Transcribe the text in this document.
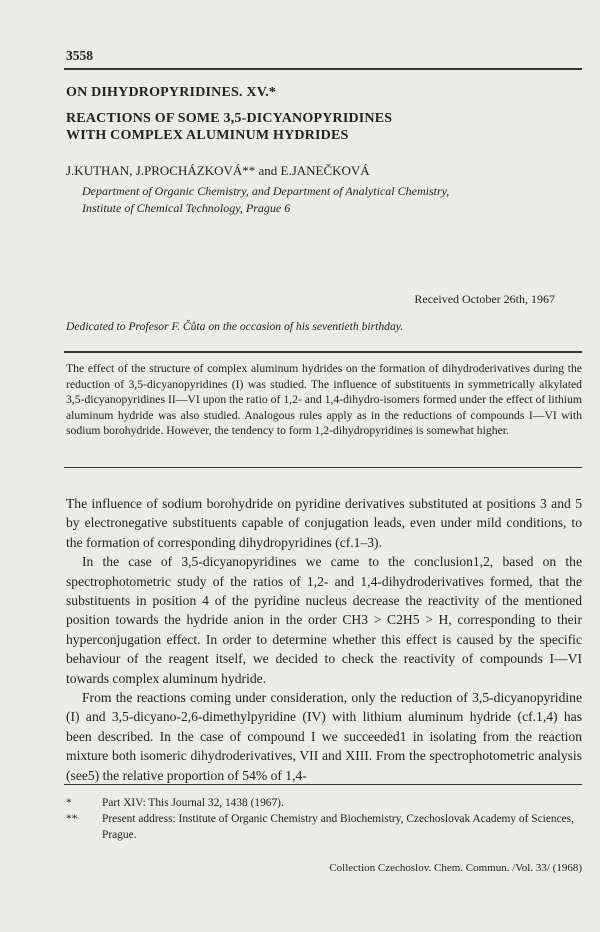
3558
ON DIHYDROPYRIDINES. XV.*
REACTIONS OF SOME 3,5-DICYANOPYRIDINES
WITH COMPLEX ALUMINUM HYDRIDES
J.KUTHAN, J.PROCHÁZKOVÁ** and E.JANEČKOVÁ
Department of Organic Chemistry, and Department of Analytical Chemistry,
Institute of Chemical Technology, Prague 6
Received October 26th, 1967
Dedicated to Profesor F. Čůta on the occasion of his seventieth birthday.
The effect of the structure of complex aluminum hydrides on the formation of dihydroderivatives during the reduction of 3,5-dicyanopyridines (I) was studied. The influence of substituents in symmetrically alkylated 3,5-dicyanopyridines II—VI upon the ratio of 1,2- and 1,4-dihydro-isomers formed under the effect of lithium aluminum hydride was also studied. Analogous rules apply as in the reductions of compounds I—VI with sodium borohydride. However, the tendency to form 1,2-dihydropyridines is somewhat higher.

The influence of sodium borohydride on pyridine derivatives substituted at positions 3 and 5 by electronegative substituents capable of conjugation leads, even under mild conditions, to the formation of corresponding dihydropyridines (cf.1–3).

In the case of 3,5-dicyanopyridines we came to the conclusion1,2, based on the spectrophotometric study of the ratios of 1,2- and 1,4-dihydroderivatives formed, that the substituents in position 4 of the pyridine nucleus decrease the reactivity of the mentioned position towards the hydride anion in the order CH3 > C2H5 > H, corresponding to their hyperconjugation effect. In order to determine whether this effect is caused by the specific behaviour of the reagent itself, we decided to check the reactivity of compounds I—VI towards complex aluminum hydride.

From the reactions coming under consideration, only the reduction of 3,5-dicyanopyridine (I) and 3,5-dicyano-2,6-dimethylpyridine (IV) with lithium aluminum hydride (cf.1,4) has been described. In the case of compound I we succeeded1 in isolating from the reaction mixture both isomeric dihydroderivatives, VII and XIII. From the spectrophotometric analysis (see5) the relative proportion of 54% of 1,4-

*	Part XIV: This Journal 32, 1438 (1967).
**	Present address: Institute of Organic Chemistry and Biochemistry, Czechoslovak Academy of Sciences, Prague.
Collection Czechoslov. Chem. Commun. /Vol. 33/ (1968)
